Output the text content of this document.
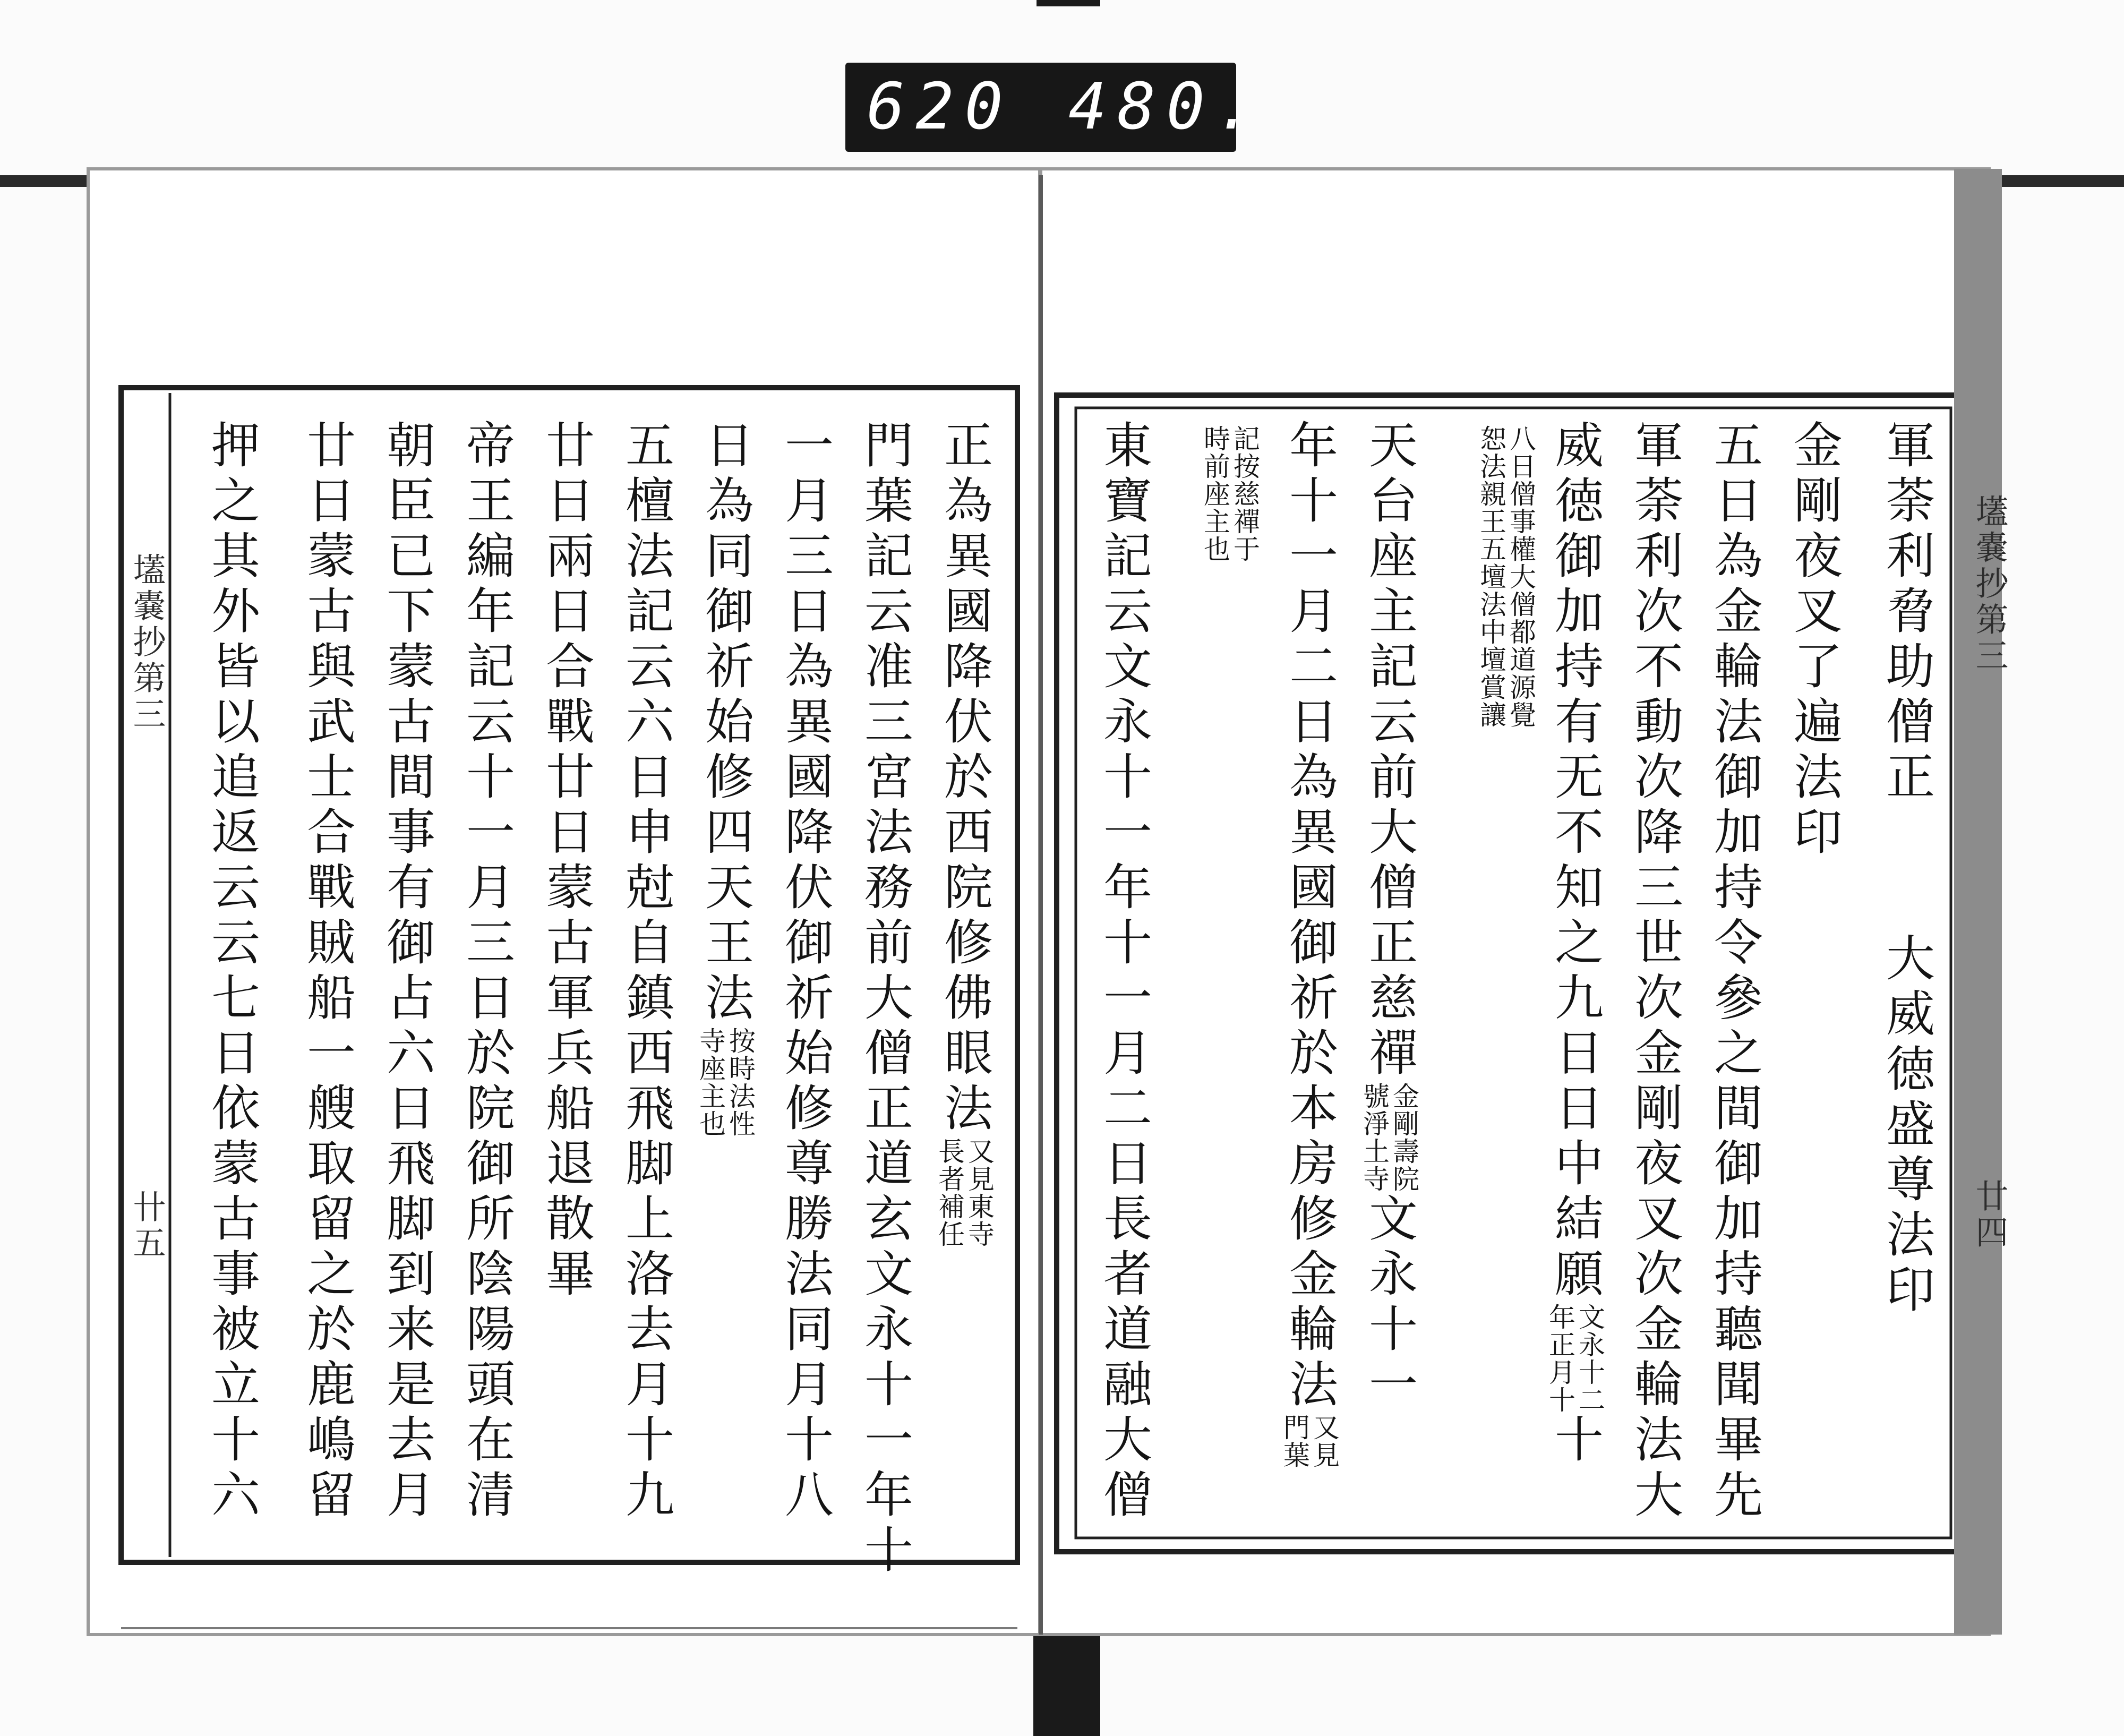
620 480.
壒嚢抄第三
廿四
軍荼利脅助僧正  大威徳盛尊法印
金剛夜叉了遍法印
五日為金輪法御加持令參之間御加持聽聞畢先
軍荼利次不動次降三世次金剛夜叉次金輪法大
威徳御加持有无不知之九日日中結願文永十二
年正月十十
八日僧事權大僧都道源覺
恕法親王五壇法中壇賞讓
天台座主記云前大僧正慈禪金剛壽院
號淨土寺文永十一
年十一月二日為異國御祈於本房修金輪法又見
門葉
記按慈禪于
時前座主也
東寶記云文永十一年十一月二日長者道融大僧
壒嚢抄第三
卄五
正為異國降伏於西院修佛眼法又見東寺
長者補任
門葉記云准三宮法務前大僧正道玄文永十一年十
一月三日為異國降伏御祈始修尊勝法同月十八
日為同御祈始修四天王法按時法性
寺座主也
五檀法記云六日申尅自鎮西飛脚上洛去月十九
廿日兩日合戰廿日蒙古軍兵船退散畢
帝王編年記云十一月三日於院御所陰陽頭在清
朝臣已下蒙古間事有御占六日飛脚到来是去月
廿日蒙古與武士合戰賊船一艘取留之於鹿嶋留
押之其外皆以追返云云七日依蒙古事被立十六
